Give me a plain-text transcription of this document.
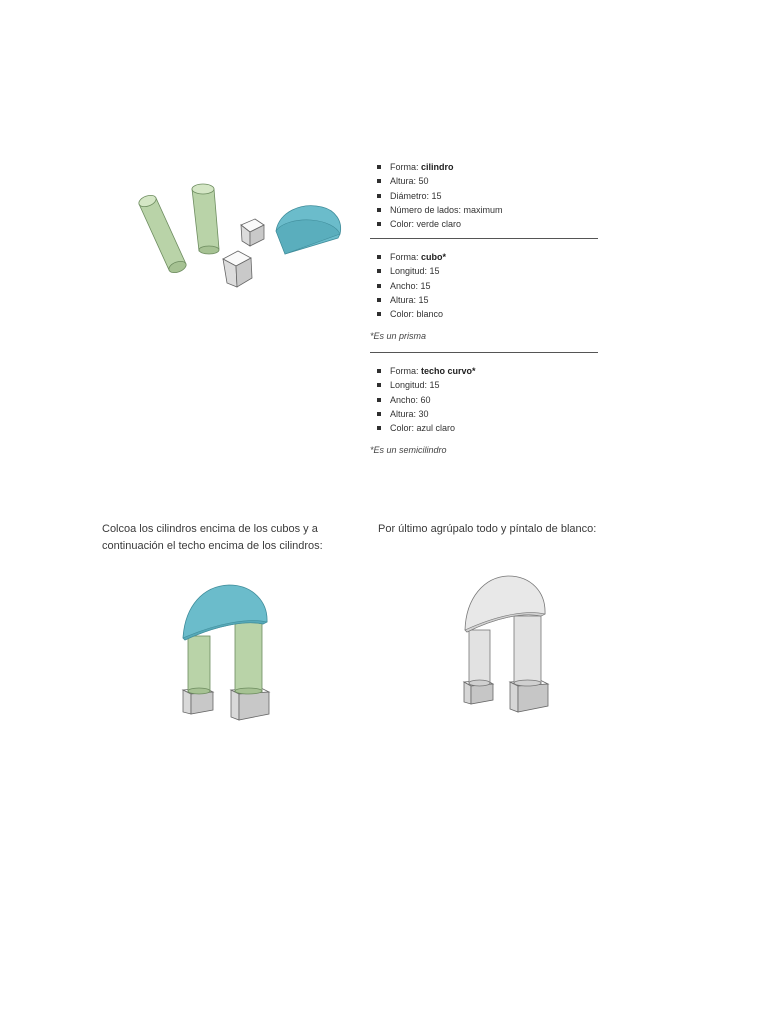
Forma: cilindro
Altura: 50
Diámetro: 15
Número de lados: maximum
Color: verde claro
Forma: cubo*
Longitud: 15
Ancho: 15
Altura: 15
Color: blanco
*Es un prisma
Forma: techo curvo*
Longitud: 15
Ancho: 60
Altura: 30
Color: azul claro
*Es un semicilindro
Colcoa los cilindros encima de los cubos y a continuación el techo encima de los cilindros:
Por último agrúpalo todo y píntalo de blanco:
